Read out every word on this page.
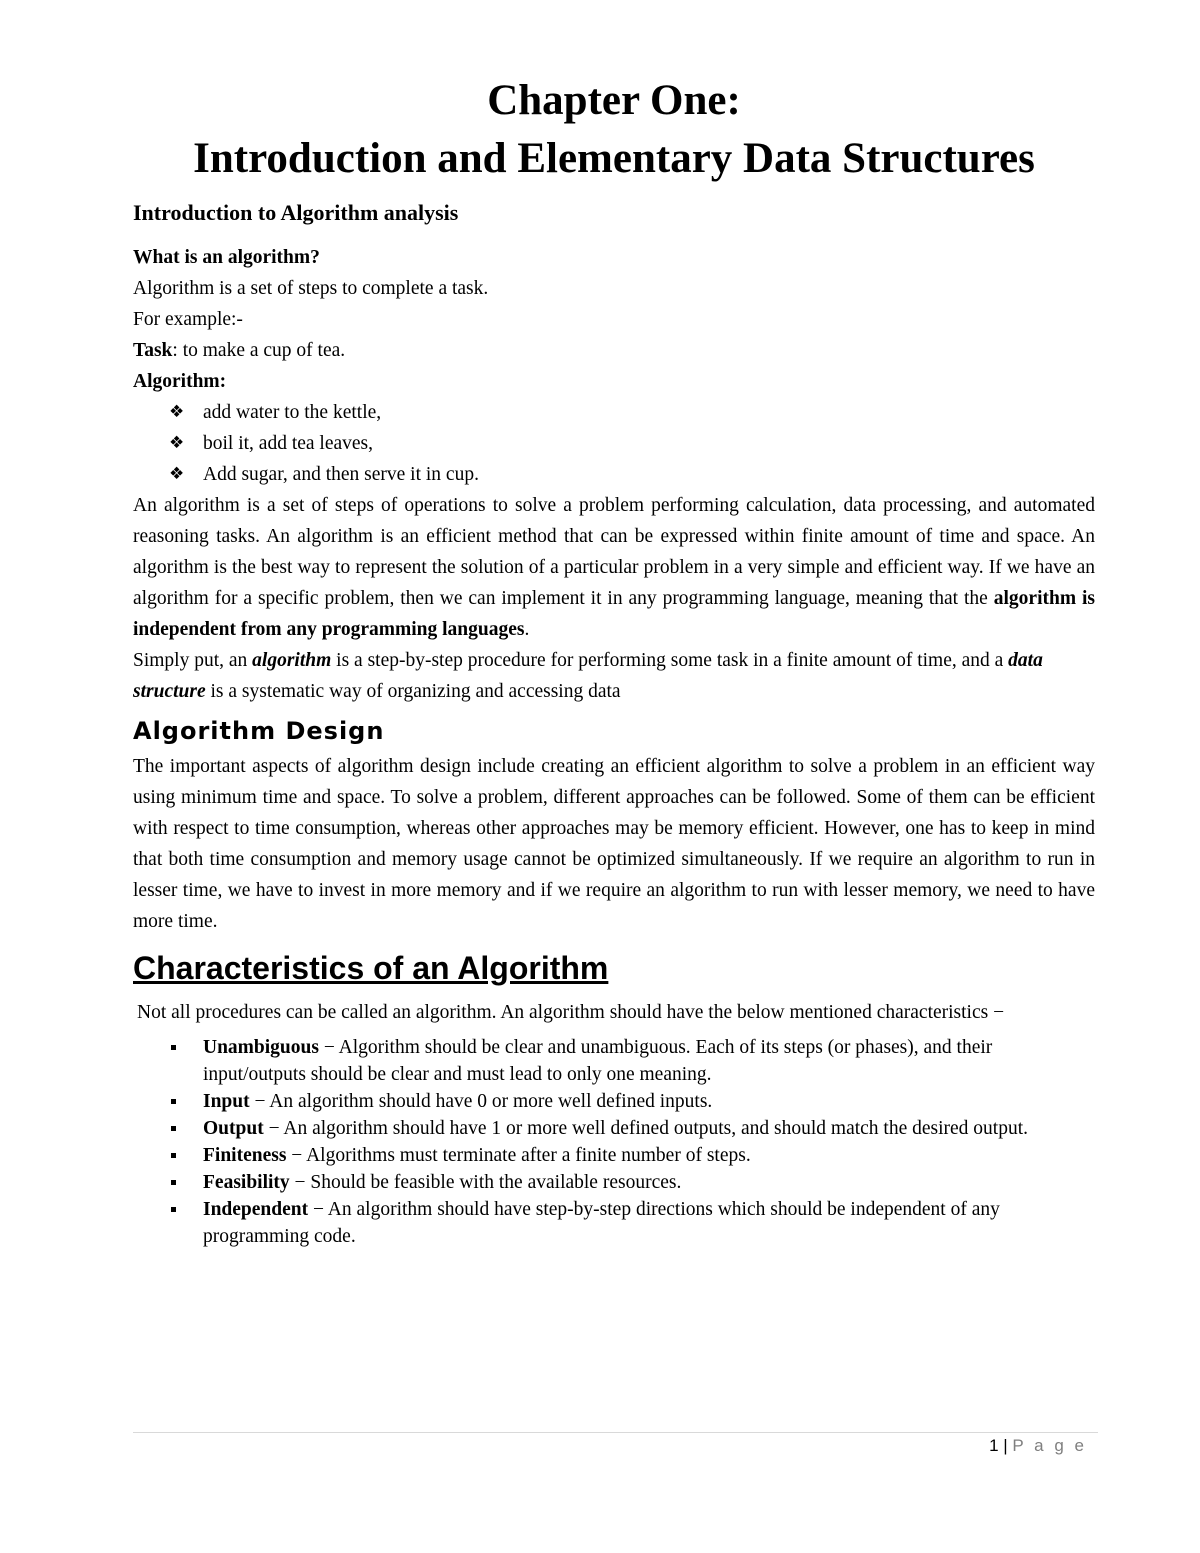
Chapter One:
Introduction and Elementary Data Structures
Introduction to Algorithm analysis
What is an algorithm?

Algorithm is a set of steps to complete a task.

For example:-

Task: to make a cup of tea.

Algorithm:

❖ add water to the kettle,
❖ boil it, add tea leaves,
❖ Add sugar, and then serve it in cup.

An algorithm is a set of steps of operations to solve a problem performing calculation, data processing, and automated reasoning tasks. An algorithm is an efficient method that can be expressed within finite amount of time and space. An algorithm is the best way to represent the solution of a particular problem in a very simple and efficient way. If we have an algorithm for a specific problem, then we can implement it in any programming language, meaning that the algorithm is independent from any programming languages.

Simply put, an algorithm is a step-by-step procedure for performing some task in a finite amount of time, and a data structure is a systematic way of organizing and accessing data

Algorithm Design

The important aspects of algorithm design include creating an efficient algorithm to solve a problem in an efficient way using minimum time and space. To solve a problem, different approaches can be followed. Some of them can be efficient with respect to time consumption, whereas other approaches may be memory efficient. However, one has to keep in mind that both time consumption and memory usage cannot be optimized simultaneously. If we require an algorithm to run in lesser time, we have to invest in more memory and if we require an algorithm to run with lesser memory, we need to have more time.

Characteristics of an Algorithm

Not all procedures can be called an algorithm. An algorithm should have the below mentioned characteristics −

Unambiguous − Algorithm should be clear and unambiguous. Each of its steps (or phases), and their input/outputs should be clear and must lead to only one meaning.
Input − An algorithm should have 0 or more well defined inputs.
Output − An algorithm should have 1 or more well defined outputs, and should match the desired output.
Finiteness − Algorithms must terminate after a finite number of steps.
Feasibility − Should be feasible with the available resources.
Independent − An algorithm should have step-by-step directions which should be independent of any programming code.
1 | P a g e
